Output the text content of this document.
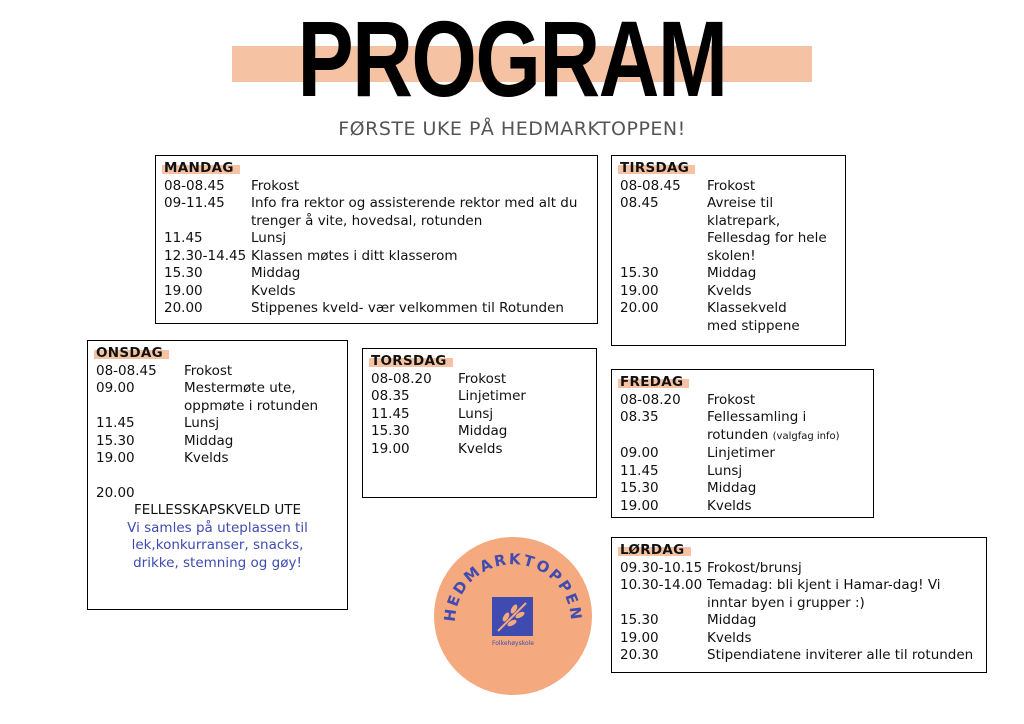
PROGRAM
FØRSTE UKE PÅ HEDMARKTOPPEN!
MANDAG
08-08.45	Frokost
09-11.45	Info fra rektor og assisterende rektor med alt du trenger å vite, hovedsal, rotunden
11.45	Lunsj
12.30-14.45 Klassen møtes i ditt klasserom
15.30	Middag
19.00	Kvelds
20.00	Stippenes kveld- vær velkommen til Rotunden
TIRSDAG
08-08.45	Frokost
08.45	Avreise til klatrepark, Fellesdag for hele skolen!
15.30	Middag
19.00	Kvelds
20.00	Klassekveld med stippene
ONSDAG
08-08.45	Frokost
09.00	Mestermøte ute, oppmøte i rotunden
11.45	Lunsj
15.30	Middag
19.00	Kvelds
20.00
FELLESSKAPSKVELD UTE
Vi samles på uteplassen til lek,konkurranser, snacks, drikke, stemning og gøy!
TORSDAG
08-08.20	Frokost
08.35	Linjetimer
11.45	Lunsj
15.30	Middag
19.00	Kvelds
FREDAG
08-08.20	Frokost
08.35	Fellessamling i rotunden (valgfag info)
09.00	Linjetimer
11.45	Lunsj
15.30	Middag
19.00	Kvelds
LØRDAG
09.30-10.15 Frokost/brunsj
10.30-14.00 Temadag: bli kjent i Hamar-dag! Vi inntar byen i grupper :)
15.30	Middag
19.00	Kvelds
20.30	Stipendiatene inviterer alle til rotunden
HEDMARKTOPPEN
Folkehøyskole
